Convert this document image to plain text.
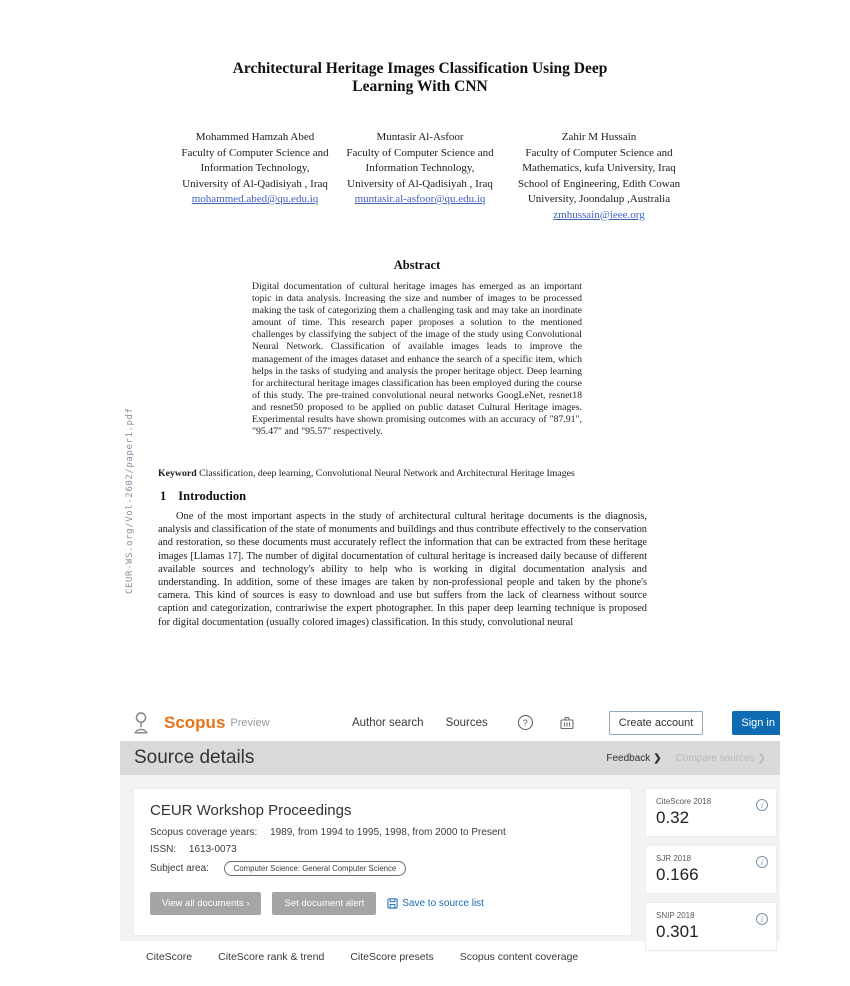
CEUR-WS.org/Vol-2602/paper1.pdf
Architectural Heritage Images Classification Using Deep
Learning With CNN
Mohammed Hamzah Abed
Faculty of Computer Science and
Information Technology,
University of Al-Qadisiyah , Iraq
mohammed.abed@qu.edu.iq
Muntasir Al-Asfoor
Faculty of Computer Science and
Information Technology,
University of Al-Qadisiyah , Iraq
muntasir.al-asfoor@qu.edu.iq
Zahir M Hussain
Faculty of Computer Science and
Mathematics, kufa University, Iraq
School of Engineering, Edith Cowan
University, Joondalup ,Australia
zmhussain@ieee.org
Abstract
Digital documentation of cultural heritage images has emerged as an important topic in data analysis. Increasing the size and number of images to be processed making the task of categorizing them a challenging task and may take an inordinate amount of time. This research paper proposes a solution to the mentioned challenges by classifying the subject of the image of the study using Convolutional Neural Network. Classification of available images leads to improve the management of the images dataset and enhance the search of a specific item, which helps in the tasks of studying and analysis the proper heritage object. Deep learning for architectural heritage images classification has been employed during the course of this study. The pre-trained convolutional neural networks GoogLeNet, resnet18 and resnet50 proposed to be applied on public dataset Cultural Heritage images. Experimental results have shown promising outcomes with an accuracy of "87.91", "95.47" and "95.57" respectively.
Keyword Classification, deep learning, Convolutional Neural Network and Architectural Heritage Images
1 Introduction
One of the most important aspects in the study of architectural cultural heritage documents is the diagnosis, analysis and classification of the state of monuments and buildings and thus contribute effectively to the conservation and restoration, so these documents must accurately reflect the information that can be extracted from these heritage images [Llamas 17]. The number of digital documentation of cultural heritage is increased daily because of different available sources and technology's ability to help who is working in digital documentation analysis and understanding. In addition, some of these images are taken by non-professional people and taken by the phone's camera. This kind of sources is easy to download and use but suffers from the lack of clearness without source caption and categorization, contrariwise the expert photographer. In this paper deep learning technique is proposed for digital documentation (usually colored images) classification. In this study, convolutional neural
Scopus Preview	Author search Sources	?	Create account	Sign in
Source details	Feedback ❯ Compare sources ❯
CEUR Workshop Proceedings
Scopus coverage years: 1989, from 1994 to 1995, 1998, from 2000 to Present
ISSN: 1613-0073
Subject area:	Computer Science: General Computer Science
View all documents ›	Set document alert	Save to source list
CiteScore 2018
0.32
i
SJR 2018
0.166
i
SNIP 2018
0.301
i
CiteScore CiteScore rank & trend CiteScore presets Scopus content coverage
